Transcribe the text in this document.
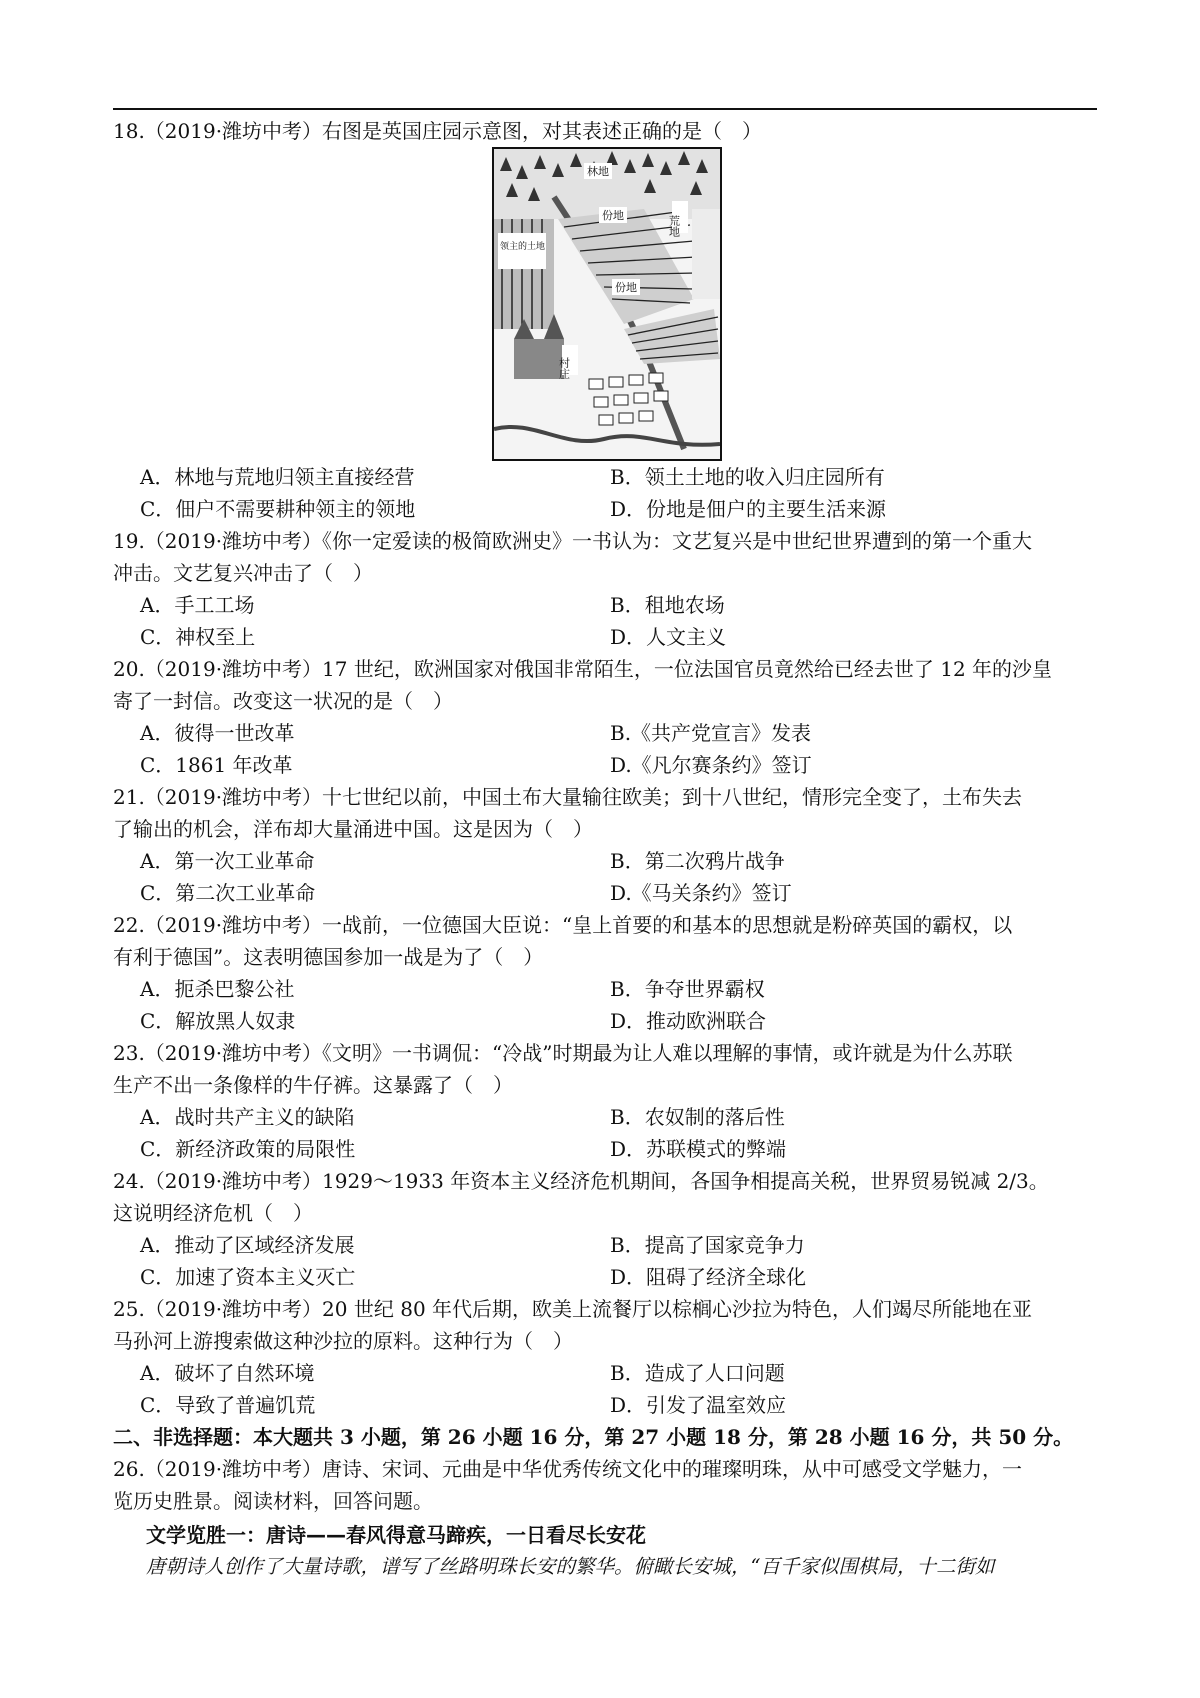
18.（2019·潍坊中考）右图是英国庄园示意图，对其表述正确的是（　）
林地
份地	荒地
领主的土地
份地
村庄
A．林地与荒地归领主直接经营	B．领土土地的收入归庄园所有
C．佃户不需要耕种领主的领地	D．份地是佃户的主要生活来源
19.（2019·潍坊中考）《你一定爱读的极简欧洲史》一书认为：文艺复兴是中世纪世界遭到的第一个重大
冲击。文艺复兴冲击了（　）
A．手工工场	B．租地农场
C．神权至上	D．人文主义
20.（2019·潍坊中考）17 世纪，欧洲国家对俄国非常陌生，一位法国官员竟然给已经去世了 12 年的沙皇
寄了一封信。改变这一状况的是（　）
A．彼得一世改革	B.《共产党宣言》发表
C．1861 年改革	D.《凡尔赛条约》签订
21.（2019·潍坊中考）十七世纪以前，中国土布大量输往欧美；到十八世纪，情形完全变了，土布失去
了输出的机会，洋布却大量涌进中国。这是因为（　）
A．第一次工业革命	B．第二次鸦片战争
C．第二次工业革命	D.《马关条约》签订
22.（2019·潍坊中考）一战前，一位德国大臣说：“皇上首要的和基本的思想就是粉碎英国的霸权，以
有利于德国”。这表明德国参加一战是为了（　）
A．扼杀巴黎公社	B．争夺世界霸权
C．解放黑人奴隶	D．推动欧洲联合
23.（2019·潍坊中考）《文明》一书调侃：“冷战”时期最为让人难以理解的事情，或许就是为什么苏联
生产不出一条像样的牛仔裤。这暴露了（　）
A．战时共产主义的缺陷	B．农奴制的落后性
C．新经济政策的局限性	D．苏联模式的弊端
24.（2019·潍坊中考）1929～1933 年资本主义经济危机期间，各国争相提高关税，世界贸易锐减 2/3。
这说明经济危机（　）
A．推动了区域经济发展	B．提高了国家竞争力
C．加速了资本主义灭亡	D．阻碍了经济全球化
25.（2019·潍坊中考）20 世纪 80 年代后期，欧美上流餐厅以棕榈心沙拉为特色，人们竭尽所能地在亚
马孙河上游搜索做这种沙拉的原料。这种行为（　）
A．破坏了自然环境	B．造成了人口问题
C．导致了普遍饥荒	D．引发了温室效应
二、非选择题：本大题共 3 小题，第 26 小题 16 分，第 27 小题 18 分，第 28 小题 16 分，共 50 分。
26.（2019·潍坊中考）唐诗、宋词、元曲是中华优秀传统文化中的璀璨明珠，从中可感受文学魅力，一
览历史胜景。阅读材料，回答问题。
文学览胜一：唐诗——春风得意马蹄疾，一日看尽长安花
唐朝诗人创作了大量诗歌，谱写了丝路明珠长安的繁华。俯瞰长安城，“百千家似围棋局，十二街如
